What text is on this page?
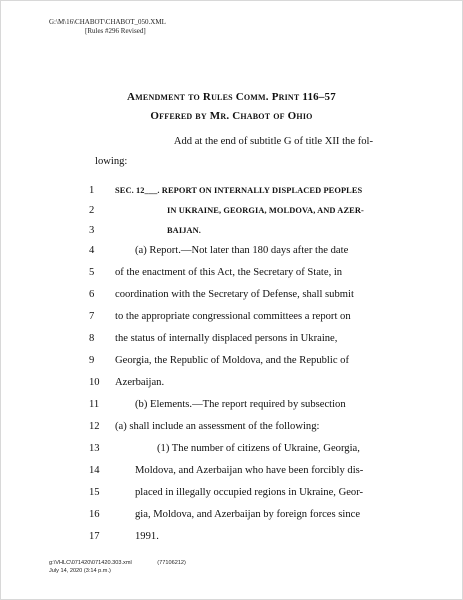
G:\M\16\CHABOT\CHABOT_050.XML
[Rules #296 Revised]
Amendment to Rules Comm. Print 116–57
Offered by Mr. Chabot of Ohio
Add at the end of subtitle G of title XII the fol-
lowing:
1	SEC. 12___. REPORT ON INTERNALLY DISPLACED PEOPLES
2	IN UKRAINE, GEORGIA, MOLDOVA, AND AZER-
3	BAIJAN.
4	(a) Report.—Not later than 180 days after the date
5	of the enactment of this Act, the Secretary of State, in
6	coordination with the Secretary of Defense, shall submit
7	to the appropriate congressional committees a report on
8	the status of internally displaced persons in Ukraine,
9	Georgia, the Republic of Moldova, and the Republic of
10	Azerbaijan.
11	(b) Elements.—The report required by subsection
12	(a) shall include an assessment of the following:
13	(1) The number of citizens of Ukraine, Georgia,
14	Moldova, and Azerbaijan who have been forcibly dis-
15	placed in illegally occupied regions in Ukraine, Geor-
16	gia, Moldova, and Azerbaijan by foreign forces since
17	1991.
g:\VHLC\071420\071420.303.xml	(77106212)
July 14, 2020 (3:14 p.m.)
